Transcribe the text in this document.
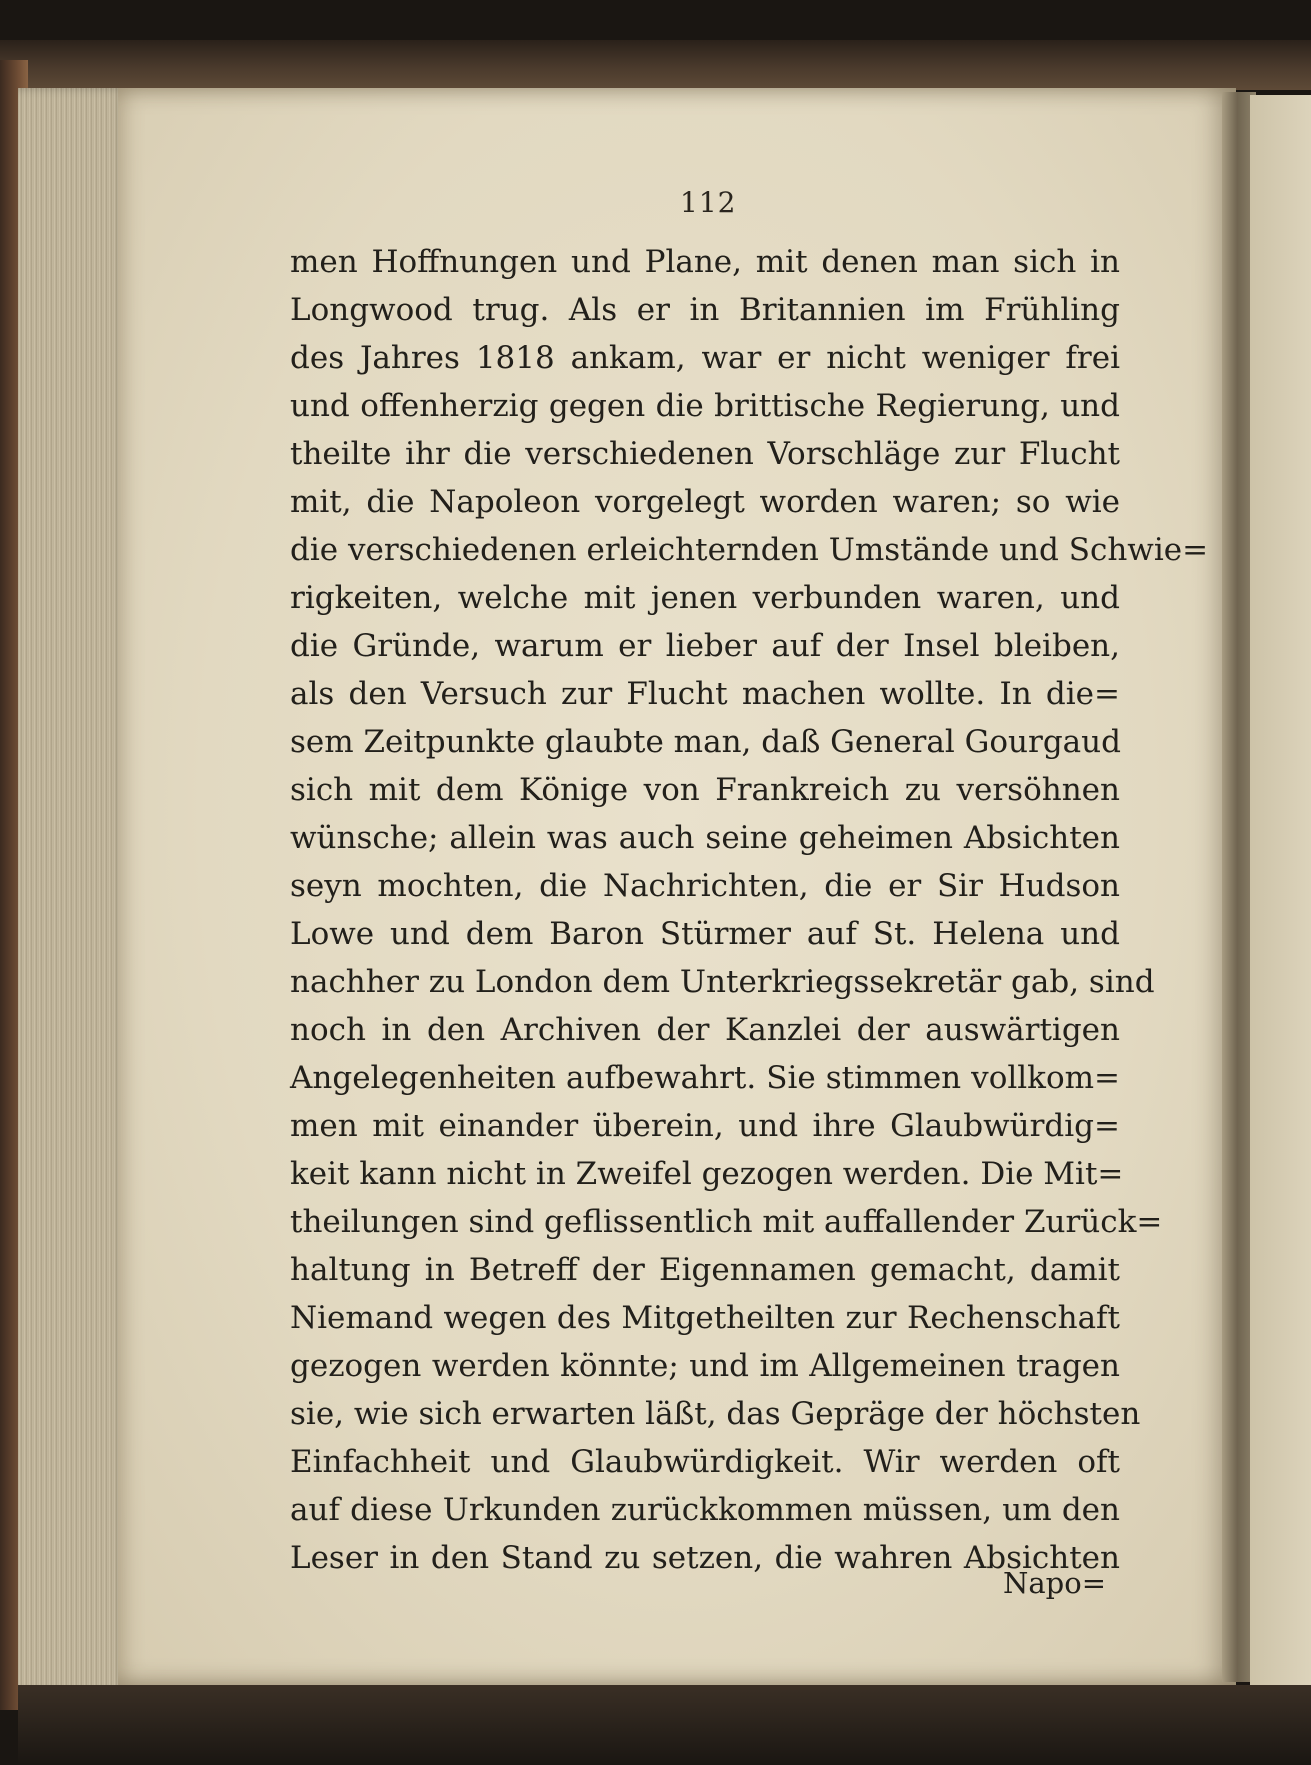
112
men Hoffnungen und Plane, mit denen man sich in
Longwood trug. Als er in Britannien im Frühling
des Jahres 1818 ankam, war er nicht weniger frei
und offenherzig gegen die brittische Regierung, und
theilte ihr die verschiedenen Vorschläge zur Flucht
mit, die Napoleon vorgelegt worden waren; so wie
die verschiedenen erleichternden Umstände und Schwie=
rigkeiten, welche mit jenen verbunden waren, und
die Gründe, warum er lieber auf der Insel bleiben,
als den Versuch zur Flucht machen wollte. In die=
sem Zeitpunkte glaubte man, daß General Gourgaud
sich mit dem Könige von Frankreich zu versöhnen
wünsche; allein was auch seine geheimen Absichten
seyn mochten, die Nachrichten, die er Sir Hudson
Lowe und dem Baron Stürmer auf St. Helena und
nachher zu London dem Unterkriegssekretär gab, sind
noch in den Archiven der Kanzlei der auswärtigen
Angelegenheiten aufbewahrt. Sie stimmen vollkom=
men mit einander überein, und ihre Glaubwürdig=
keit kann nicht in Zweifel gezogen werden. Die Mit=
theilungen sind geflissentlich mit auffallender Zurück=
haltung in Betreff der Eigennamen gemacht, damit
Niemand wegen des Mitgetheilten zur Rechenschaft
gezogen werden könnte; und im Allgemeinen tragen
sie, wie sich erwarten läßt, das Gepräge der höchsten
Einfachheit und Glaubwürdigkeit. Wir werden oft
auf diese Urkunden zurückkommen müssen, um den
Leser in den Stand zu setzen, die wahren Absichten
Napo=
